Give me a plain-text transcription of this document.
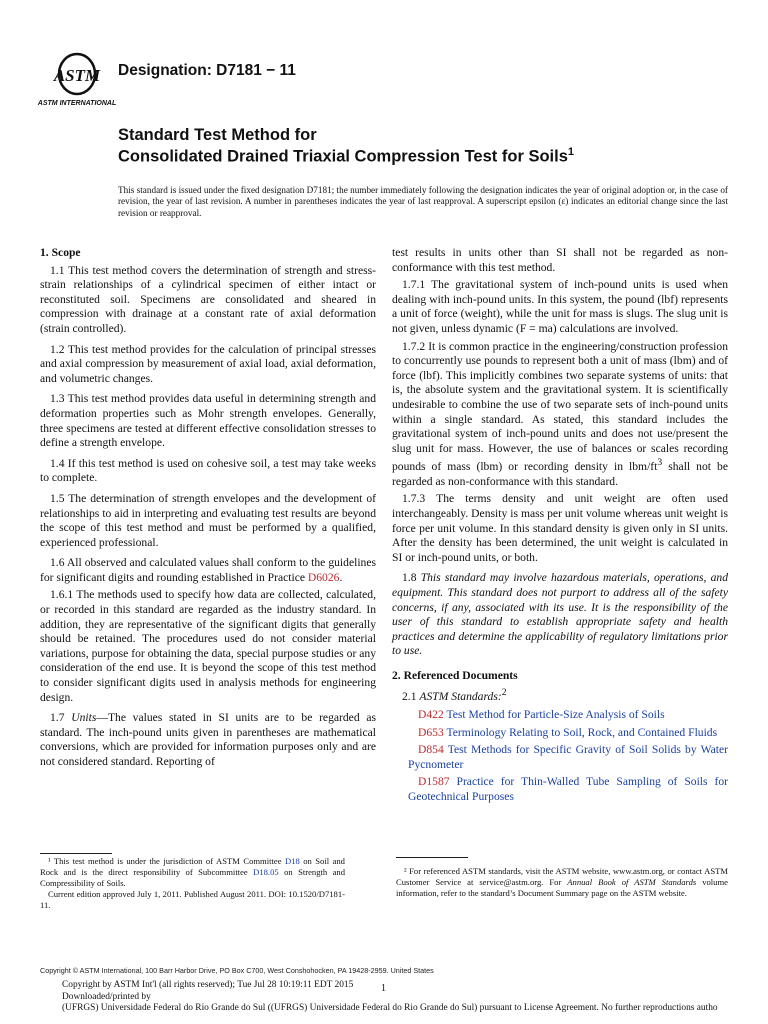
ASTM
ASTM INTERNATIONAL
Designation: D7181 − 11
Standard Test Method for
Consolidated Drained Triaxial Compression Test for Soils$^1$
This standard is issued under the fixed designation D7181; the number immediately following the designation indicates the year of original adoption or, in the case of revision, the year of last revision. A number in parentheses indicates the year of last reapproval. A superscript epsilon (ε) indicates an editorial change since the last revision or reapproval.

1. Scope

1.1 This test method covers the determination of strength and stress-strain relationships of a cylindrical specimen of either intact or reconstituted soil. Specimens are consolidated and sheared in compression with drainage at a constant rate of axial deformation (strain controlled).

1.2 This test method provides for the calculation of principal stresses and axial compression by measurement of axial load, axial deformation, and volumetric changes.

1.3 This test method provides data useful in determining strength and deformation properties such as Mohr strength envelopes. Generally, three specimens are tested at different effective consolidation stresses to define a strength envelope.

1.4 If this test method is used on cohesive soil, a test may take weeks to complete.

1.5 The determination of strength envelopes and the development of relationships to aid in interpreting and evaluating test results are beyond the scope of this test method and must be performed by a qualified, experienced professional.

1.6 All observed and calculated values shall conform to the guidelines for significant digits and rounding established in Practice D6026.

1.6.1 The methods used to specify how data are collected, calculated, or recorded in this standard are regarded as the industry standard. In addition, they are representative of the significant digits that generally should be retained. The procedures used do not consider material variations, purpose for obtaining the data, special purpose studies or any consideration of the end use. It is beyond the scope of this test method to consider significant digits used in analysis methods for engineering design.

1.7 Units—The values stated in SI units are to be regarded as standard. The inch-pound units given in parentheses are mathematical conversions, which are provided for information purposes only and are not considered standard. Reporting of

test results in units other than SI shall not be regarded as non-conformance with this test method.

1.7.1 The gravitational system of inch-pound units is used when dealing with inch-pound units. In this system, the pound (lbf) represents a unit of force (weight), while the unit for mass is slugs. The slug unit is not given, unless dynamic (F = ma) calculations are involved.

1.7.2 It is common practice in the engineering/construction profession to concurrently use pounds to represent both a unit of mass (lbm) and of force (lbf). This implicitly combines two separate systems of units: that is, the absolute system and the gravitational system. It is scientifically undesirable to combine the use of two separate sets of inch-pound units within a single standard. As stated, this standard includes the gravitational system of inch-pound units and does not use/present the slug unit for mass. However, the use of balances or scales recording pounds of mass (lbm) or recording density in lbm/$ft^3$ shall not be regarded as non-conformance with this standard.

1.7.3 The terms density and unit weight are often used interchangeably. Density is mass per unit volume whereas unit weight is force per unit volume. In this standard density is given only in SI units. After the density has been determined, the unit weight is calculated in SI or inch-pound units, or both.

1.8 This standard may involve hazardous materials, operations, and equipment. This standard does not purport to address all of the safety concerns, if any, associated with its use. It is the responsibility of the user of this standard to establish appropriate safety and health practices and determine the applicability of regulatory limitations prior to use.

2. Referenced Documents

2.1 ASTM Standards:$^2$

D422 Test Method for Particle-Size Analysis of Soils

D653 Terminology Relating to Soil, Rock, and Contained Fluids

D854 Test Methods for Specific Gravity of Soil Solids by Water Pycnometer

D1587 Practice for Thin-Walled Tube Sampling of Soils for Geotechnical Purposes

¹ This test method is under the jurisdiction of ASTM Committee D18 on Soil and Rock and is the direct responsibility of Subcommittee D18.05 on Strength and Compressibility of Soils.

Current edition approved July 1, 2011. Published August 2011. DOI: 10.1520/D7181-11.

² For referenced ASTM standards, visit the ASTM website, www.astm.org, or contact ASTM Customer Service at service@astm.org. For Annual Book of ASTM Standards volume information, refer to the standard’s Document Summary page on the ASTM website.

Copyright © ASTM International, 100 Barr Harbor Drive, PO Box C700, West Conshohocken, PA 19428-2959. United States
Copyright by ASTM Int'l (all rights reserved); Tue Jul 28 10:19:11 EDT 2015
Downloaded/printed by
1
(UFRGS) Universidade Federal do Rio Grande do Sul ((UFRGS) Universidade Federal do Rio Grande do Sul) pursuant to License Agreement. No further reproductions autho
